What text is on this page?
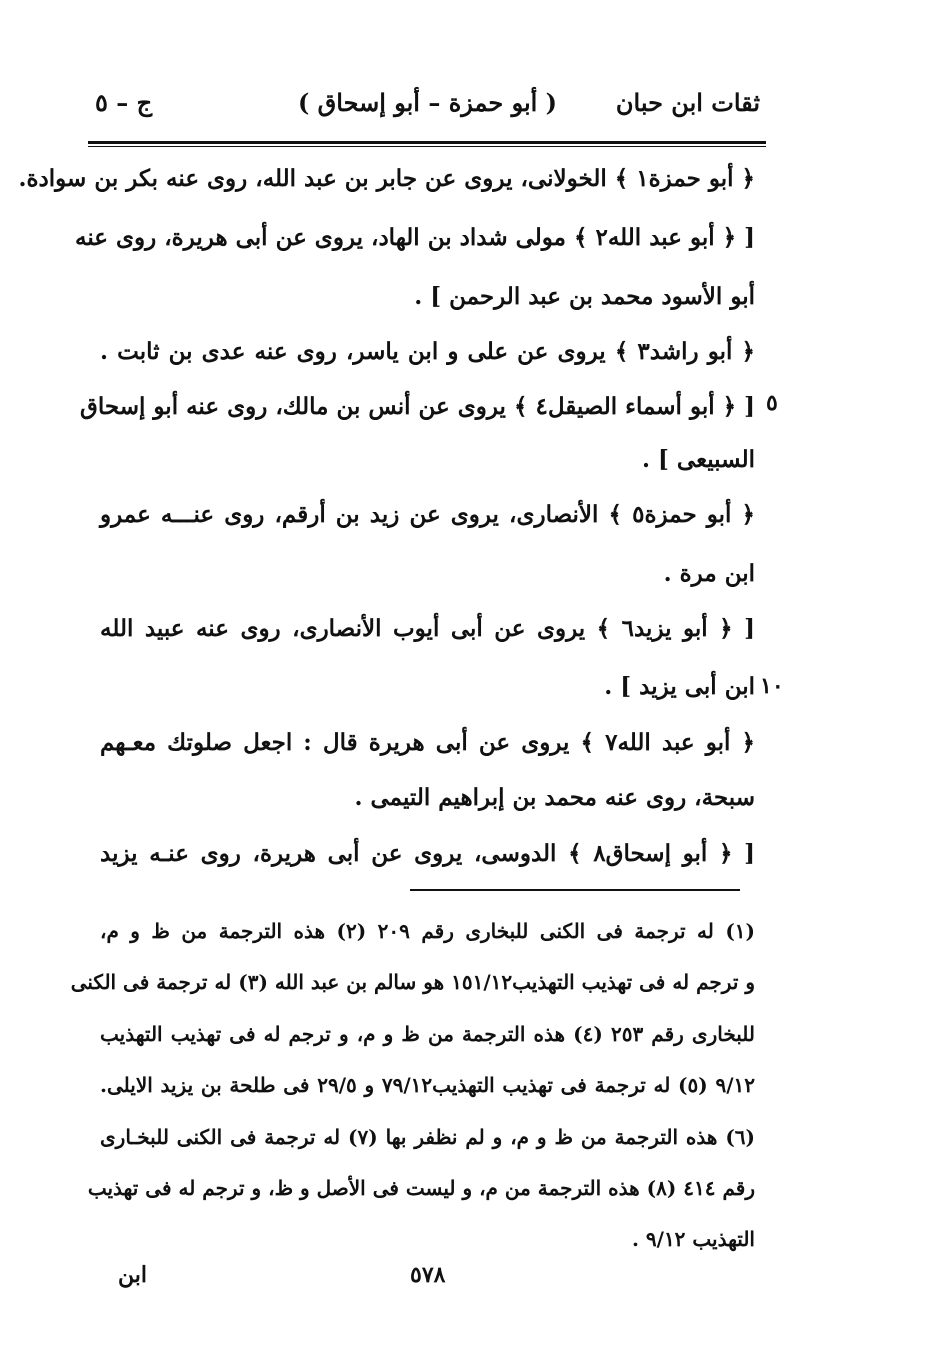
ثقات ابن حبان
( أبو حمزة – أبو إسحاق )
ج – ٥
﴿ أبو حمزة١ ﴾ الخولانى، يروى عن جابر بن عبد الله، روى عنه بكر بن سوادة.
[ ﴿ أبو عبد الله٢ ﴾ مولى شداد بن الهاد، يروى عن أبى هريرة، روى عنه
أبو الأسود محمد بن عبد الرحمن ] .
﴿ أبو راشد٣ ﴾ يروى عن على و ابن ياسر، روى عنه عدى بن ثابت .
[ ﴿ أبو أسماء الصيقل٤ ﴾ يروى عن أنس بن مالك، روى عنه أبو إسحاق
السبيعى ] .
﴿ أبو حمزة٥ ﴾ الأنصارى، يروى عن زيد بن أرقم، روى عنـــه عمرو
ابن مرة .
[ ﴿ أبو يزيد٦ ﴾ يروى عن أبى أيوب الأنصارى، روى عنه عبيد الله
ابن أبى يزيد ] .
﴿ أبو عبد الله٧ ﴾ يروى عن أبى هريرة قال : اجعل صلوتك معـهم
سبحة، روى عنه محمد بن إبراهيم التيمى .
[ ﴿ أبو إسحاق٨ ﴾ الدوسى، يروى عن أبى هريرة، روى عنـه يزيد
٥
١٠
(١) له ترجمة فى الكنى للبخارى رقم ٢٠٩ (٢) هذه الترجمة من ظ و م،
و ترجم له فى تهذيب التهذيب١٥١/١٢ هو سالم بن عبد الله (٣) له ترجمة فى الكنى
للبخارى رقم ٢٥٣ (٤) هذه الترجمة من ظ و م، و ترجم له فى تهذيب التهذيب
٩/١٢ (٥) له ترجمة فى تهذيب التهذيب٧٩/١٢ و ٢٩/٥ فى طلحة بن يزيد الايلى.
(٦) هذه الترجمة من ظ و م، و لم نظفر بها (٧) له ترجمة فى الكنى للبخـارى
رقم ٤١٤ (٨) هذه الترجمة من م، و ليست فى الأصل و ظ، و ترجم له فى تهذيب
التهذيب ٩/١٢ .
٥٧٨
ابن
